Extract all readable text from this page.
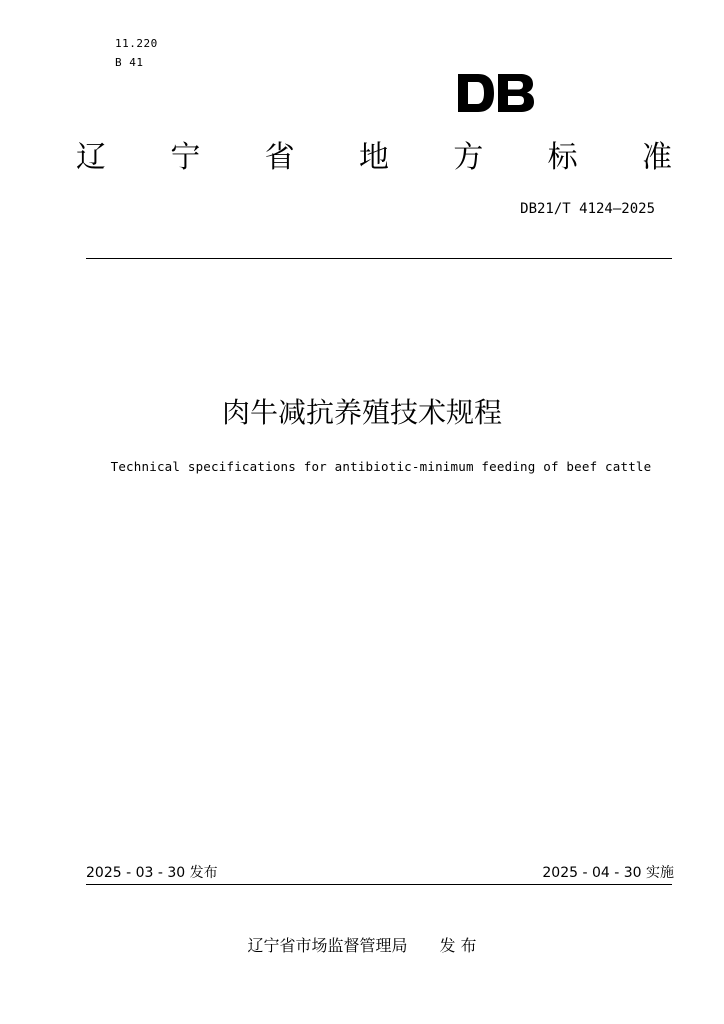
11.220
B 41
辽 宁 省 地 方 标 准
DB21/T 4124—2025
肉牛减抗养殖技术规程
Technical specifications for antibiotic-minimum feeding of beef cattle
2025 - 03 - 30 发布	2025 - 04 - 30 实施
辽宁省市场监督管理局 发 布
